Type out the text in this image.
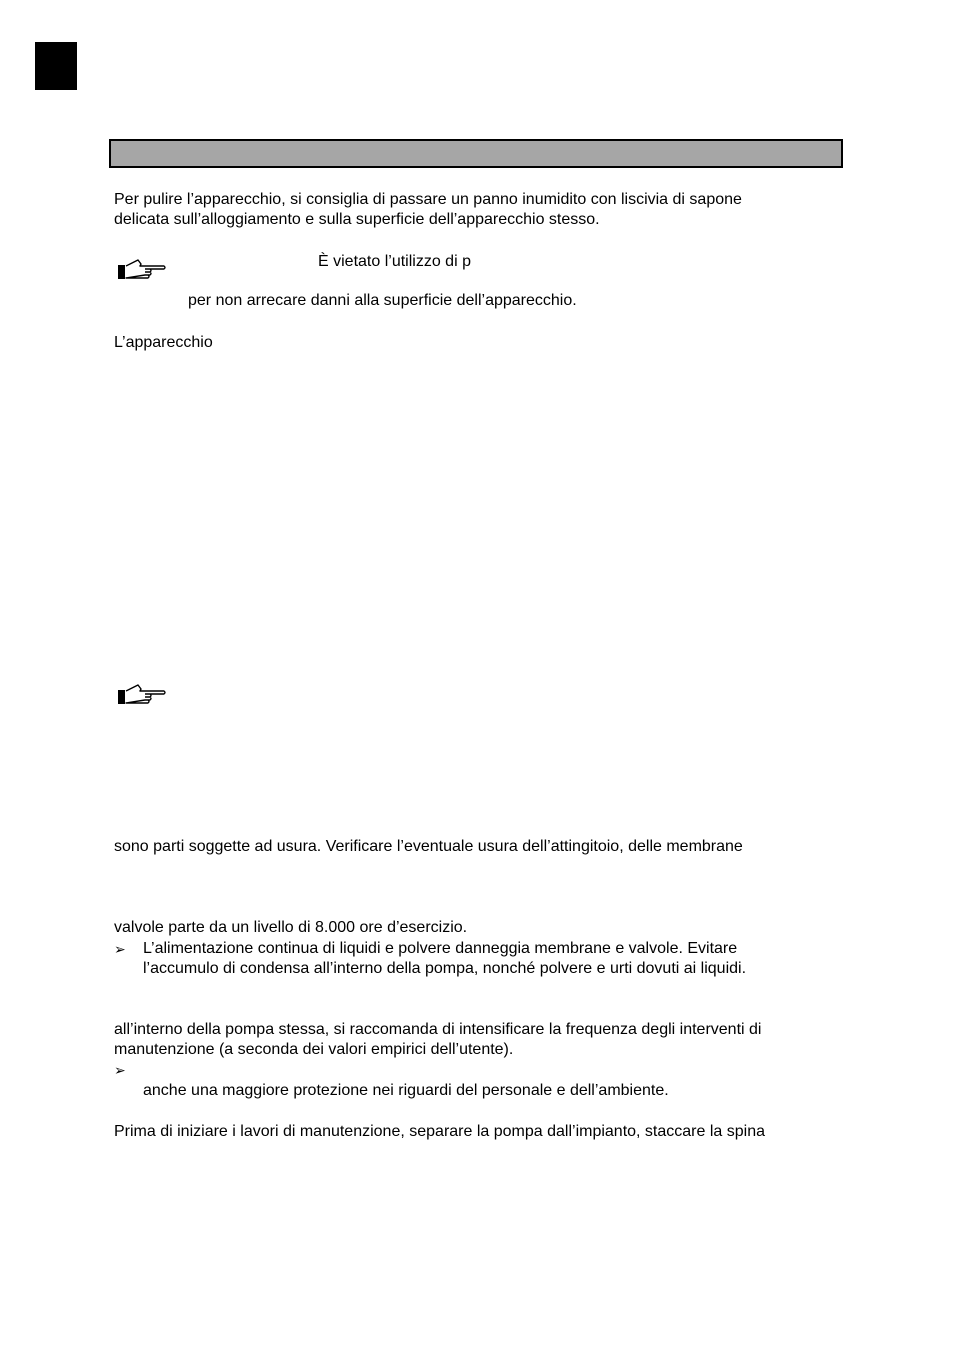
Per pulire l’apparecchio, si consiglia di passare un panno inumidito con liscivia di sapone
delicata sull’alloggiamento e sulla superficie dell’apparecchio stesso.
È vietato l’utilizzo di p
per non arrecare danni alla superficie dell’apparecchio.
L’apparecchio
sono parti soggette ad usura. Verificare l’eventuale usura dell’attingitoio, delle membrane
valvole parte da un livello di 8.000 ore d’esercizio.
➢ L’alimentazione continua di liquidi e polvere danneggia membrane e valvole. Evitare
l’accumulo di condensa all’interno della pompa, nonché polvere e urti dovuti ai liquidi.
all’interno della pompa stessa, si raccomanda di intensificare la frequenza degli interventi di
manutenzione (a seconda dei valori empirici dell’utente).
➢
anche una maggiore protezione nei riguardi del personale e dell’ambiente.
Prima di iniziare i lavori di manutenzione, separare la pompa dall’impianto, staccare la spina
